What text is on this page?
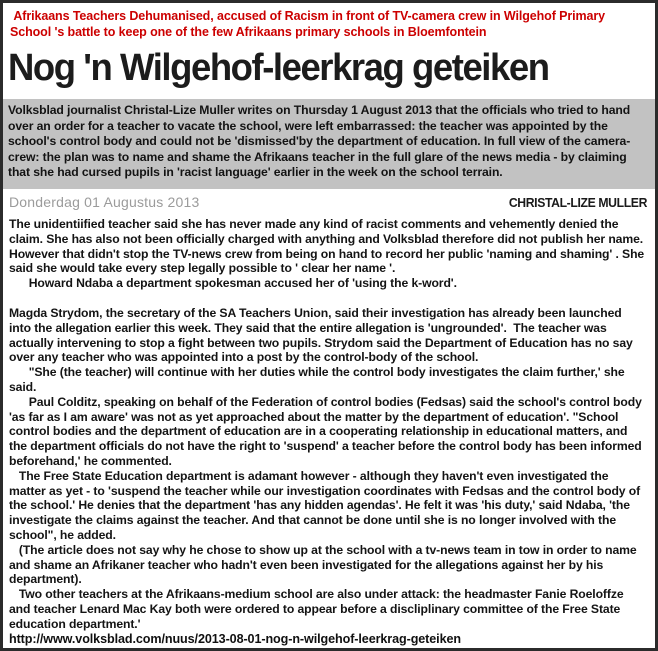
Afrikaans Teachers Dehumanised, accused of Racism in front of TV-camera crew in Wilgehof Primary School 's battle to keep one of the few Afrikaans primary schools in Bloemfontein
Nog 'n Wilgehof-leerkrag geteiken
Volksblad journalist Christal-Lize Muller writes on Thursday 1 August 2013 that the officials who tried to hand over an order for a teacher to vacate the school, were left embarrassed: the teacher was appointed by the school's control body and could not be 'dismissed'by the department of education. In full view of the camera-crew: the plan was to name and shame the Afrikaans teacher in the full glare of the news media - by claiming that she had cursed pupils in 'racist language' earlier in the week on the school terrain.
Donderdag 01 Augustus 2013	CHRISTAL-LIZE MULLER

The unidentiified teacher said she has never made any kind of racist comments and vehemently denied the claim. She has also not been officially charged with anything and Volksblad therefore did not publish her name.  However that didn't stop the TV-news crew from being on hand to record her public 'naming and shaming' . She said she would take every step legally possible to ' clear her name '.
Howard Ndaba a department spokesman accused her of 'using the k-word'.

Magda Strydom, the secretary of the SA Teachers Union, said their investigation has already been launched into the allegation earlier this week. They said that the entire allegation is 'ungrounded'.  The teacher was actually intervening to stop a fight between two pupils. Strydom said the Department of Education has no say over any teacher who was appointed into a post by the control-body of the school.
"She (the teacher) will continue with her duties while the control body investigates the claim further,' she said.
Paul Colditz, speaking on behalf of the Federation of control bodies (Fedsas) said the school's control body 'as far as I am aware' was not as yet approached about the matter by the department of education'. "School control bodies and the department of education are in a cooperating relationship in educational matters, and the department officials do not have the right to 'suspend' a teacher before the control body has been informed beforehand,' he commented.
The Free State Education department is adamant however - although they haven't even investigated the matter as yet - to 'suspend the teacher while our investigation coordinates with Fedsas and the control body of the school.' He denies that the department 'has any hidden agendas'. He felt it was 'his duty,' said Ndaba, 'the investigate the claims against the teacher. And that cannot be done until she is no longer involved with the school", he added.
(The article does not say why he chose to show up at the school with a tv-news team in tow in order to name and shame an Afrikaner teacher who hadn't even been investigated for the allegations against her by his department).
Two other teachers at the Afrikaans-medium school are also under attack: the headmaster Fanie Roeloffze and teacher Lenard Mac Kay both were ordered to appear before a discliplinary committee of the Free State education department.'

http://www.volksblad.com/nuus/2013-08-01-nog-n-wilgehof-leerkrag-geteiken
